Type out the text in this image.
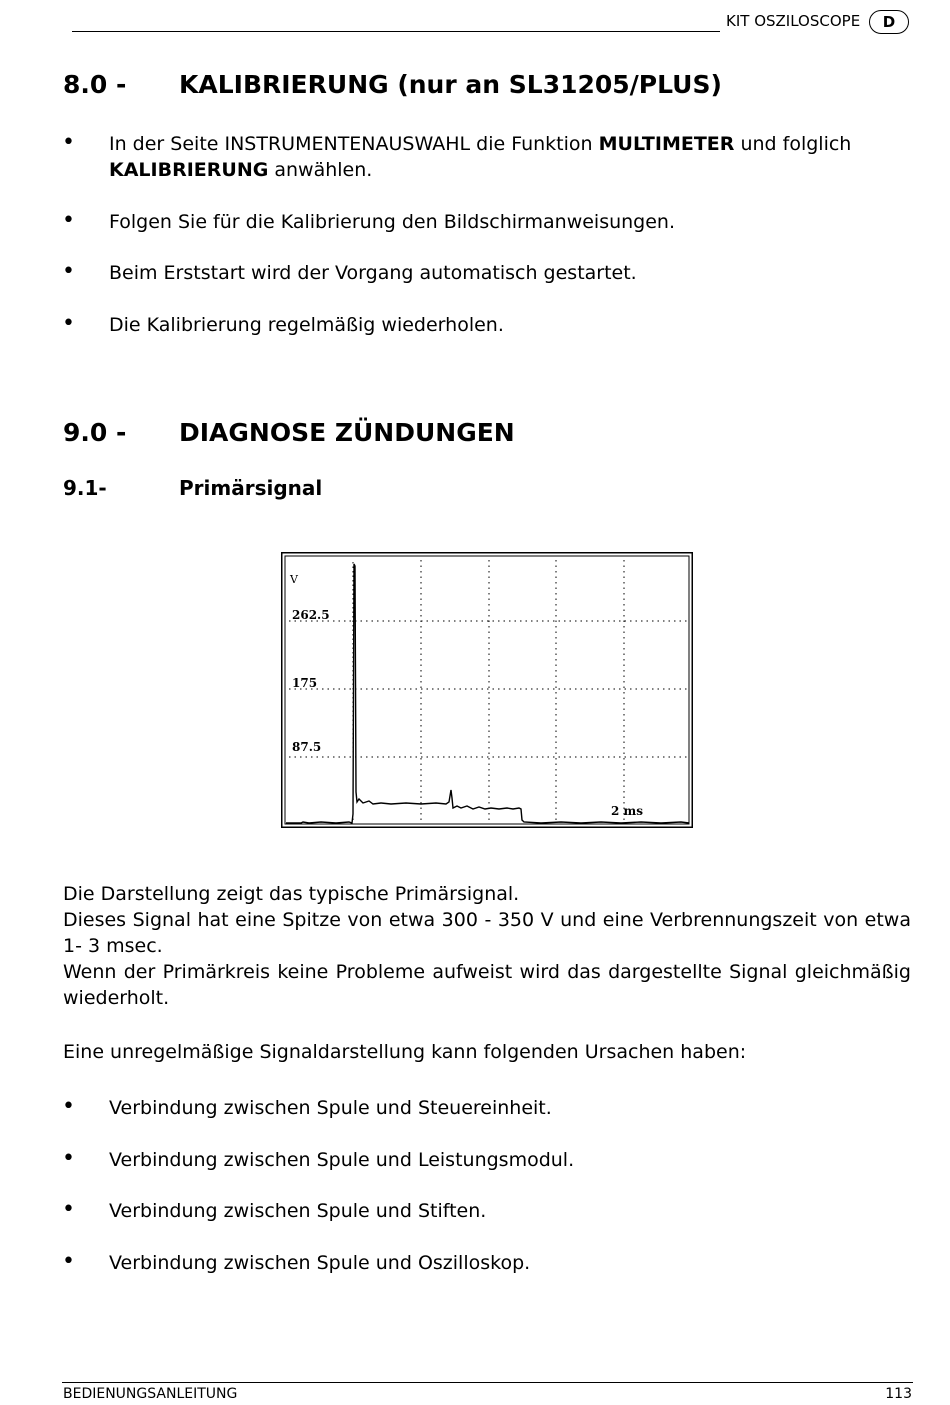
KIT OSZILOSCOPE	D
8.0 - KALIBRIERUNG (nur an SL31205/PLUS)
• In der Seite INSTRUMENTENAUSWAHL die Funktion MULTIMETER und folglich
KALIBRIERUNG anwählen.
• Folgen Sie für die Kalibrierung den Bildschirmanweisungen.
• Beim Erststart wird der Vorgang automatisch gestartet.
• Die Kalibrierung regelmäßig wiederholen.
9.0 - DIAGNOSE ZÜNDUNGEN
9.1-	Primärsignal
V
262.5
175
87.5
2 ms
Die Darstellung zeigt das typische Primärsignal.
Dieses Signal hat eine Spitze von etwa 300 - 350 V und eine Verbrennungszeit von etwa 1- 3 msec.
Wenn der Primärkreis keine Probleme aufweist wird das dargestellte Signal gleichmäßig wiederholt.
Eine unregelmäßige Signaldarstellung kann folgenden Ursachen haben:
• Verbindung zwischen Spule und Steuereinheit.
• Verbindung zwischen Spule und Leistungsmodul.
• Verbindung zwischen Spule und Stiften.
• Verbindung zwischen Spule und Oszilloskop.
BEDIENUNGSANLEITUNG	113
